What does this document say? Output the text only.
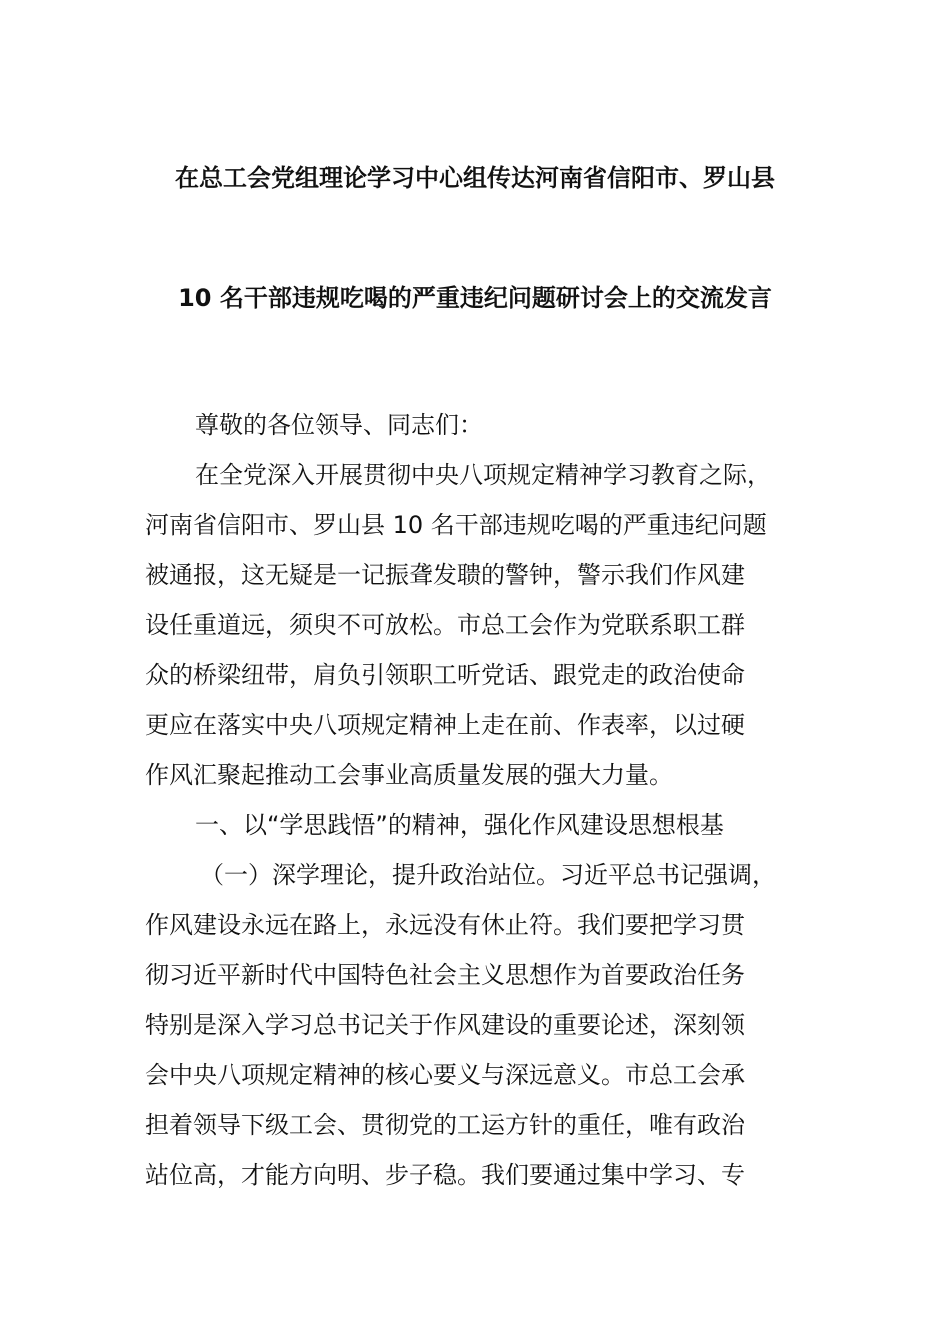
在总工会党组理论学习中心组传达河南省信阳市、罗山县
10 名干部违规吃喝的严重违纪问题研讨会上的交流发言
尊敬的各位领导、同志们：
在全党深入开展贯彻中央八项规定精神学习教育之际，
河南省信阳市、罗山县 10 名干部违规吃喝的严重违纪问题
被通报，这无疑是一记振聋发聩的警钟，警示我们作风建
设任重道远，须臾不可放松。市总工会作为党联系职工群
众的桥梁纽带，肩负引领职工听党话、跟党走的政治使命
更应在落实中央八项规定精神上走在前、作表率，以过硬
作风汇聚起推动工会事业高质量发展的强大力量。
一、以“学思践悟”的精神，强化作风建设思想根基
（一）深学理论，提升政治站位。习近平总书记强调，
作风建设永远在路上，永远没有休止符。我们要把学习贯
彻习近平新时代中国特色社会主义思想作为首要政治任务
特别是深入学习总书记关于作风建设的重要论述，深刻领
会中央八项规定精神的核心要义与深远意义。市总工会承
担着领导下级工会、贯彻党的工运方针的重任，唯有政治
站位高，才能方向明、步子稳。我们要通过集中学习、专
